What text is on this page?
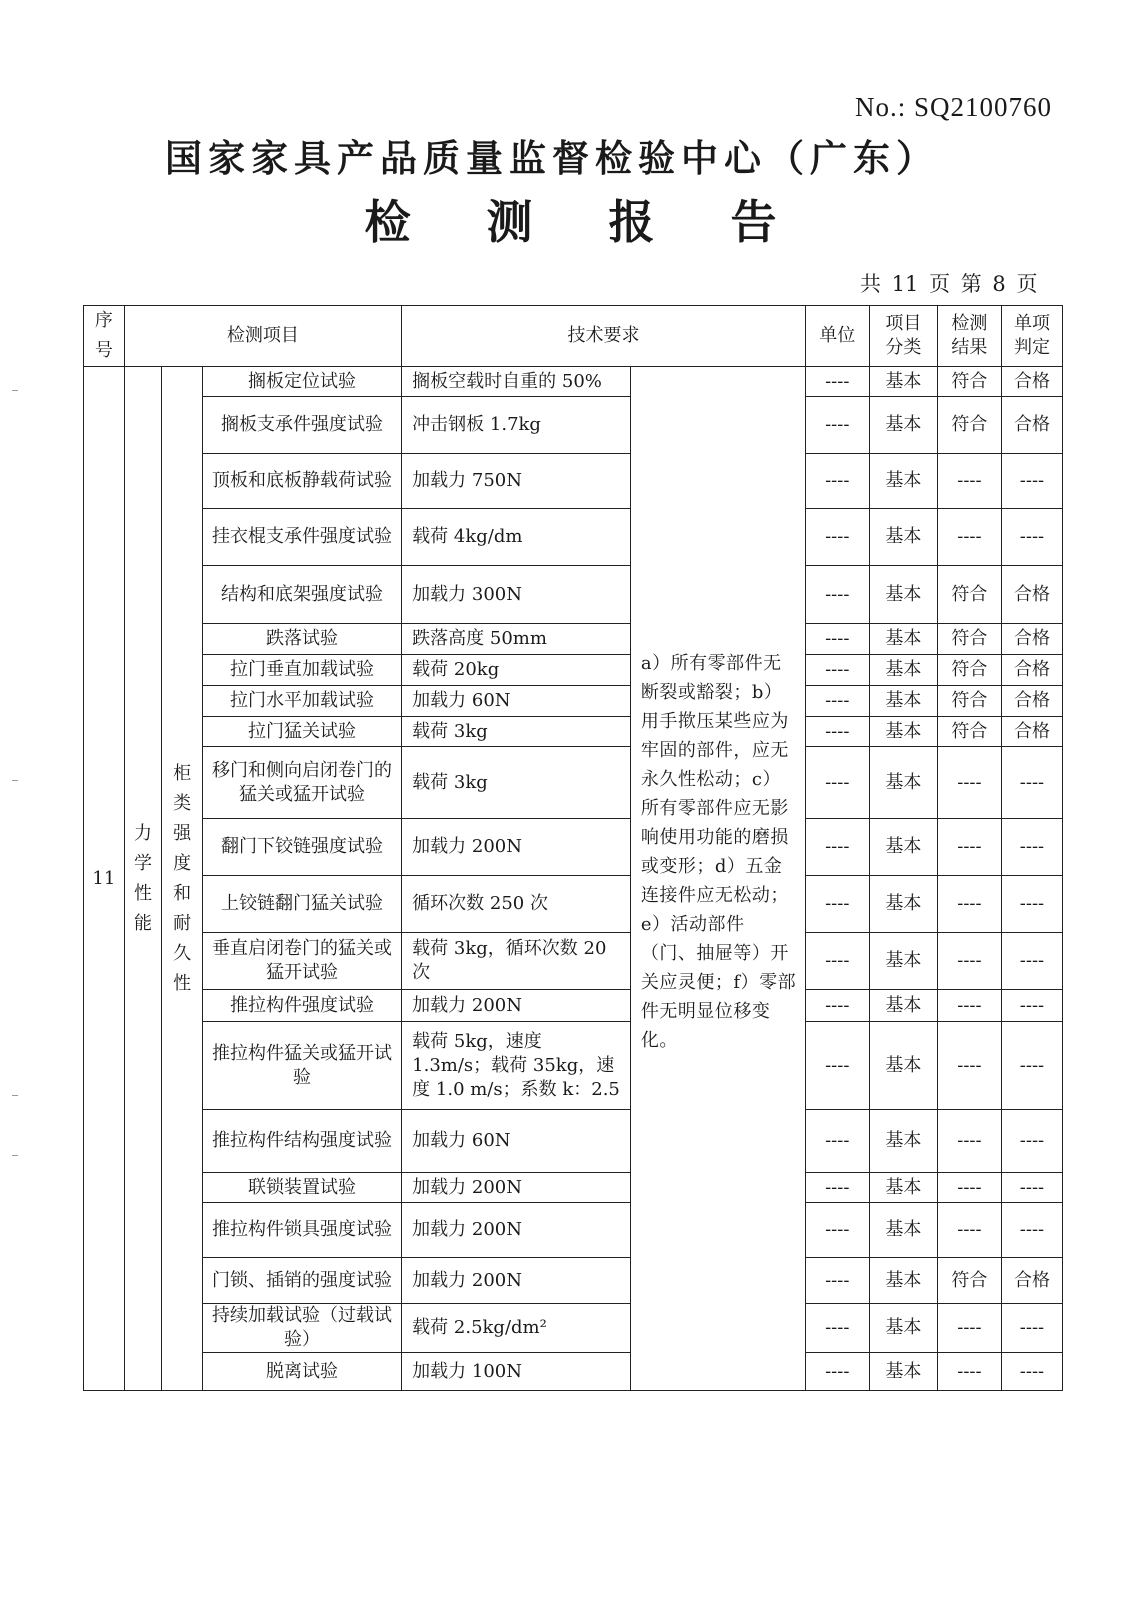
No.: SQ2100760
国家家具产品质量监督检验中心（广东）
检 测 报 告
共 11 页 第 8 页
序号	检测项目			技术要求		单位	项目分类	检测结果	单项判定
11	力学性能	柜类强度和耐久性	搁板定位试验	搁板空载时自重的 50%	a）所有零部件无断裂或豁裂；b）用手揿压某些应为牢固的部件，应无永久性松动；c）所有零部件应无影响使用功能的磨损或变形；d）五金连接件应无松动；e）活动部件（门、抽屉等）开关应灵便；f）零部件无明显位移变化。	----	基本	符合	合格
			搁板支承件强度试验	冲击钢板 1.7kg		----	基本	符合	合格
			顶板和底板静载荷试验	加载力 750N		----	基本	----	----
			挂衣棍支承件强度试验	载荷 4kg/dm		----	基本	----	----
			结构和底架强度试验	加载力 300N		----	基本	符合	合格
			跌落试验	跌落高度 50mm		----	基本	符合	合格
			拉门垂直加载试验	载荷 20kg		----	基本	符合	合格
			拉门水平加载试验	加载力 60N		----	基本	符合	合格
			拉门猛关试验	载荷 3kg		----	基本	符合	合格
			移门和侧向启闭卷门的猛关或猛开试验	载荷 3kg		----	基本	----	----
			翻门下铰链强度试验	加载力 200N		----	基本	----	----
			上铰链翻门猛关试验	循环次数 250 次		----	基本	----	----
			垂直启闭卷门的猛关或猛开试验	载荷 3kg，循环次数 20 次		----	基本	----	----
			推拉构件强度试验	加载力 200N		----	基本	----	----
			推拉构件猛关或猛开试验	载荷 5kg，速度 1.3m/s；载荷 35kg，速度 1.0 m/s；系数 k：2.5		----	基本	----	----
			推拉构件结构强度试验	加载力 60N		----	基本	----	----
			联锁装置试验	加载力 200N		----	基本	----	----
			推拉构件锁具强度试验	加载力 200N		----	基本	----	----
			门锁、插销的强度试验	加载力 200N		----	基本	符合	合格
			持续加载试验（过载试验）	载荷 2.5kg/dm²		----	基本	----	----
			脱离试验	加载力 100N		----	基本	----	----
